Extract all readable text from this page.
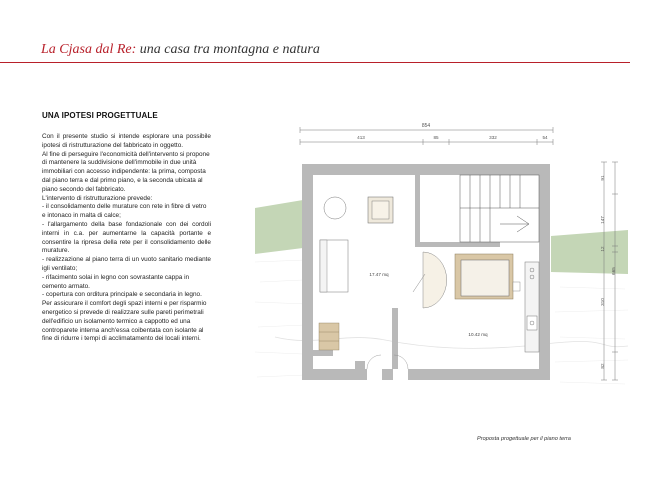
La Cjasa dal Re: una casa tra montagna e natura
UNA IPOTESI PROGETTUALE

Con il presente studio si intende esplorare una possibile ipotesi di ristrutturazione del fabbricato in oggetto.

Al fine di perseguire l'economicità dell'intervento si propone di mantenere la suddivisione dell'immobile in due unità immobiliari con accesso indipendente: la prima, composta dal piano terra e dal primo piano, e la seconda ubicata al piano secondo del fabbricato.

L'intervento di ristrutturazione prevede:

- il consolidamento delle murature con rete in fibre di vetro e intonaco in malta di calce;

- l'allargamento della base fondazionale con dei cordoli interni in c.a. per aumentarne la capacità portante e consentire la ripresa della rete per il consolidamento delle murature.

- realizzazione al piano terra di un vuoto sanitario mediante igli ventilato;

- rifacimento solai in legno con sovrastante cappa in cemento armato.

- copertura con orditura principale e secondaria in legno.

Per assicurare il comfort degli spazi interni e per risparmio energetico si prevede di realizzare sulle pareti perimetrali dell'edificio un isolamento termico a cappotto ed una controparete interna anch'essa coibentata con isolante al fine di ridurre i tempi di acclimatamento dei locali interni.

854
413	85	332	54
91
147
12
310
82
665
17.47 mq
10.42 mq
Proposta progettuale per il piano terra
